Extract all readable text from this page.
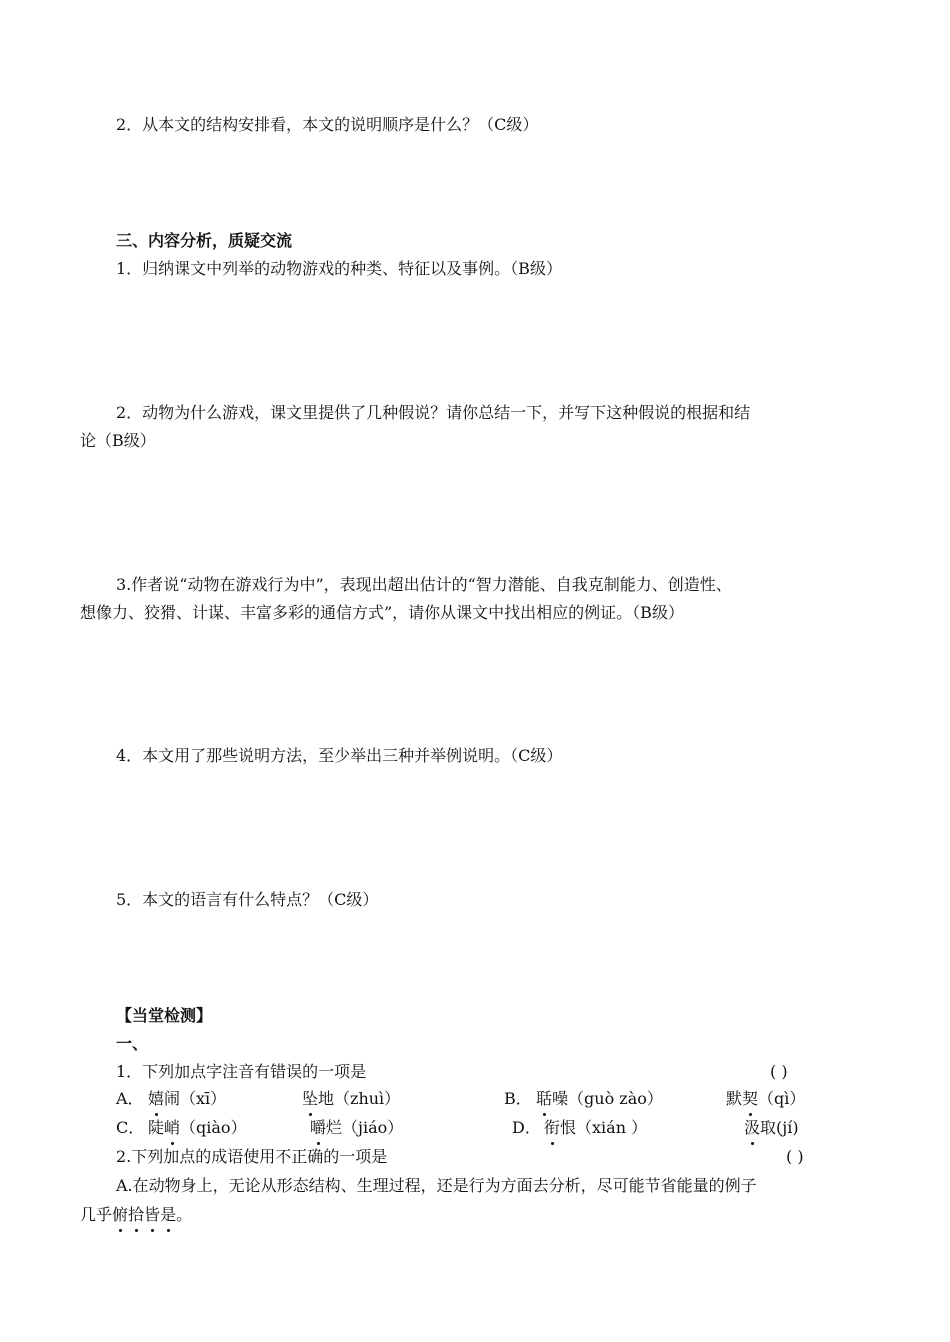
2．从本文的结构安排看，本文的说明顺序是什么？（C级）
三、内容分析，质疑交流
1．归纳课文中列举的动物游戏的种类、特征以及事例。（B级）
2．动物为什么游戏，课文里提供了几种假说？请你总结一下，并写下这种假说的根据和结
论（B级）
3.作者说“动物在游戏行为中”，表现出超出估计的“智力潜能、自我克制能力、创造性、
想像力、狡猾、计谋、丰富多彩的通信方式”，请你从课文中找出相应的例证。（B级）
4．本文用了那些说明方法，至少举出三种并举例说明。（C级）
5．本文的语言有什么特点？（C级）
【当堂检测】
一、
1．下列加点字注音有错误的一项是	( )
A． 嬉闹（xī）	坠地（zhuì）	B． 聒噪（guò zào）	默契（qì）
C． 陡峭（qiào）	嚼烂（jiáo）	D． 衔恨（xián ）	汲取(jí)
2.下列加点的成语使用不正确的一项是	( )
A.在动物身上，无论从形态结构、生理过程，还是行为方面去分析，尽可能节省能量的例子
几乎俯拾皆是。
